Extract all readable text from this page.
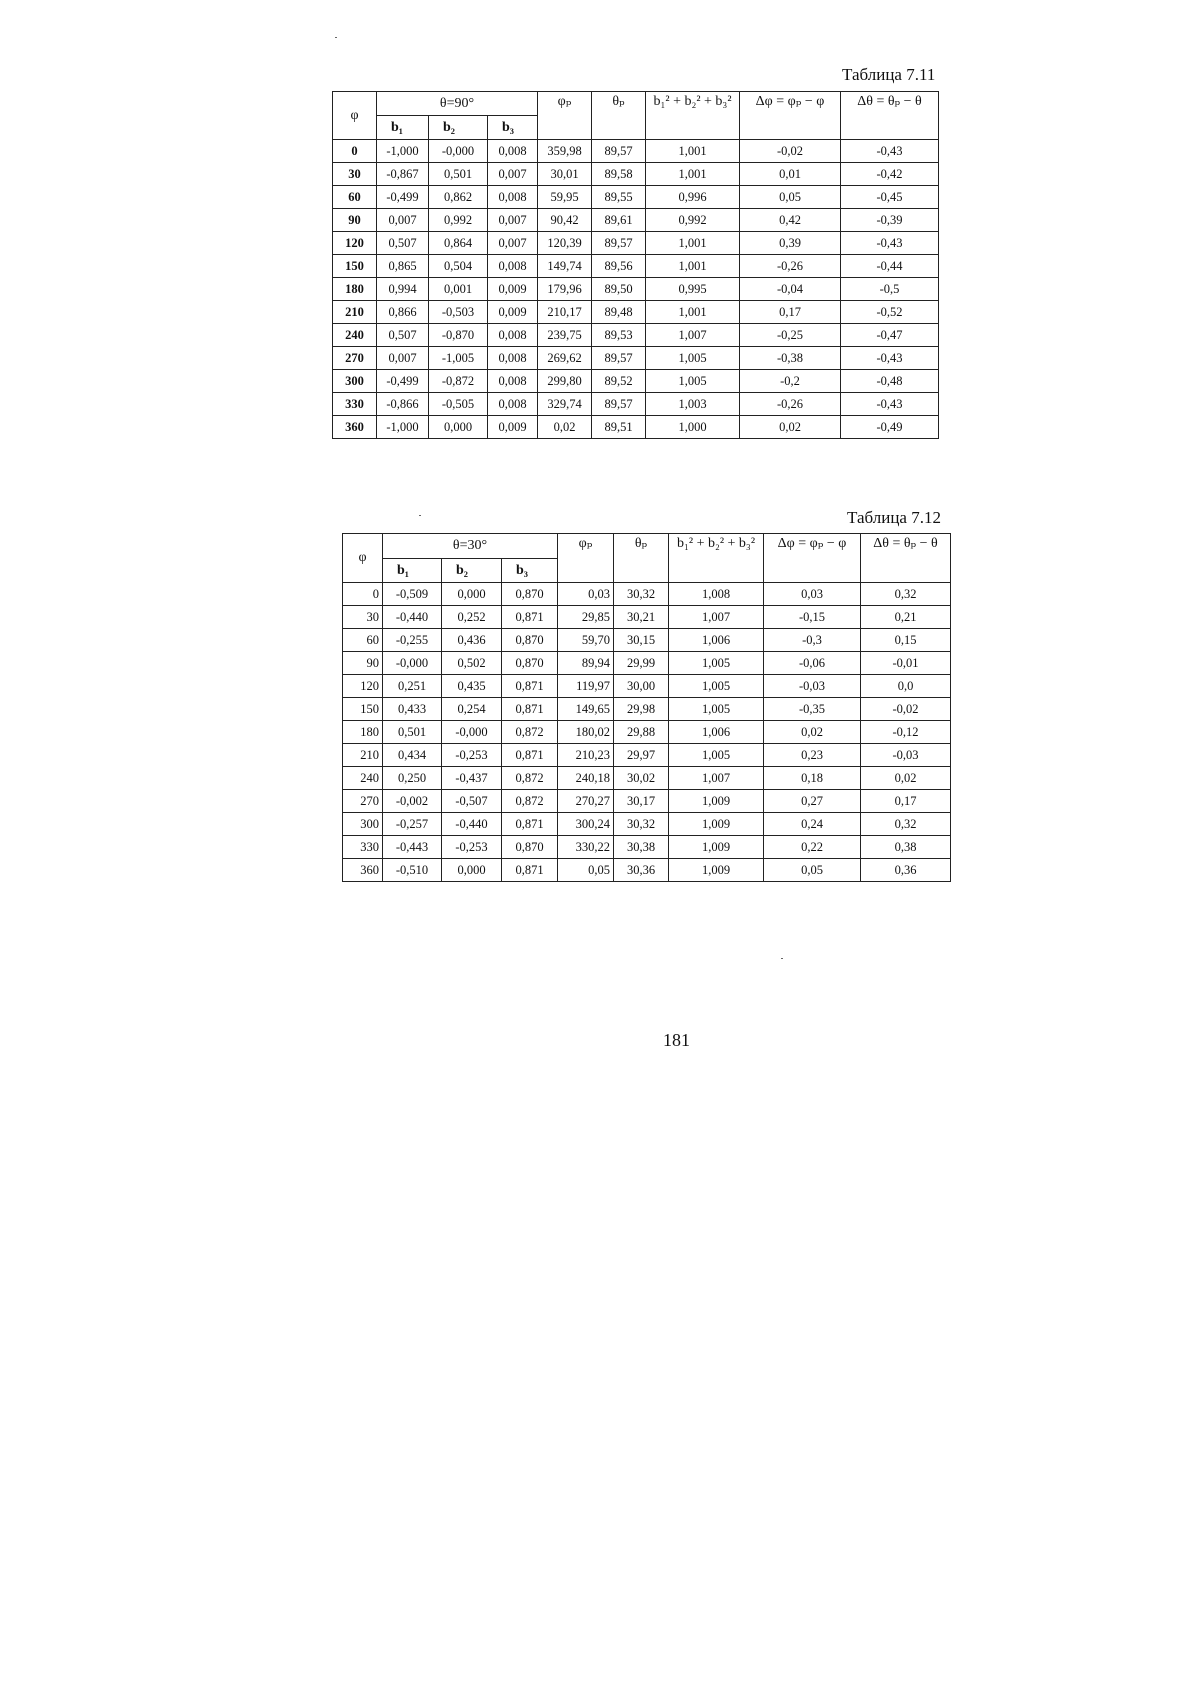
Таблица 7.11
φ	θ=90°			φₚ	θₚ	b₁² + b₂² + b₃²	Δφ = φₚ − φ	Δθ = θₚ − θ
	b₁	b₂	b₃					
0	-1,000	-0,000	0,008	359,98	89,57	1,001	-0,02	-0,43
30	-0,867	0,501	0,007	30,01	89,58	1,001	0,01	-0,42
60	-0,499	0,862	0,008	59,95	89,55	0,996	0,05	-0,45
90	0,007	0,992	0,007	90,42	89,61	0,992	0,42	-0,39
120	0,507	0,864	0,007	120,39	89,57	1,001	0,39	-0,43
150	0,865	0,504	0,008	149,74	89,56	1,001	-0,26	-0,44
180	0,994	0,001	0,009	179,96	89,50	0,995	-0,04	-0,5
210	0,866	-0,503	0,009	210,17	89,48	1,001	0,17	-0,52
240	0,507	-0,870	0,008	239,75	89,53	1,007	-0,25	-0,47
270	0,007	-1,005	0,008	269,62	89,57	1,005	-0,38	-0,43
300	-0,499	-0,872	0,008	299,80	89,52	1,005	-0,2	-0,48
330	-0,866	-0,505	0,008	329,74	89,57	1,003	-0,26	-0,43
360	-1,000	0,000	0,009	0,02	89,51	1,000	0,02	-0,49
Таблица 7.12
φ	θ=30°			φₚ	θₚ	b₁² + b₂² + b₃²	Δφ = φₚ − φ	Δθ = θₚ − θ
	b₁	b₂	b₃					
0	-0,509	0,000	0,870	0,03	30,32	1,008	0,03	0,32
30	-0,440	0,252	0,871	29,85	30,21	1,007	-0,15	0,21
60	-0,255	0,436	0,870	59,70	30,15	1,006	-0,3	0,15
90	-0,000	0,502	0,870	89,94	29,99	1,005	-0,06	-0,01
120	0,251	0,435	0,871	119,97	30,00	1,005	-0,03	0,0
150	0,433	0,254	0,871	149,65	29,98	1,005	-0,35	-0,02
180	0,501	-0,000	0,872	180,02	29,88	1,006	0,02	-0,12
210	0,434	-0,253	0,871	210,23	29,97	1,005	0,23	-0,03
240	0,250	-0,437	0,872	240,18	30,02	1,007	0,18	0,02
270	-0,002	-0,507	0,872	270,27	30,17	1,009	0,27	0,17
300	-0,257	-0,440	0,871	300,24	30,32	1,009	0,24	0,32
330	-0,443	-0,253	0,870	330,22	30,38	1,009	0,22	0,38
360	-0,510	0,000	0,871	0,05	30,36	1,009	0,05	0,36
181
